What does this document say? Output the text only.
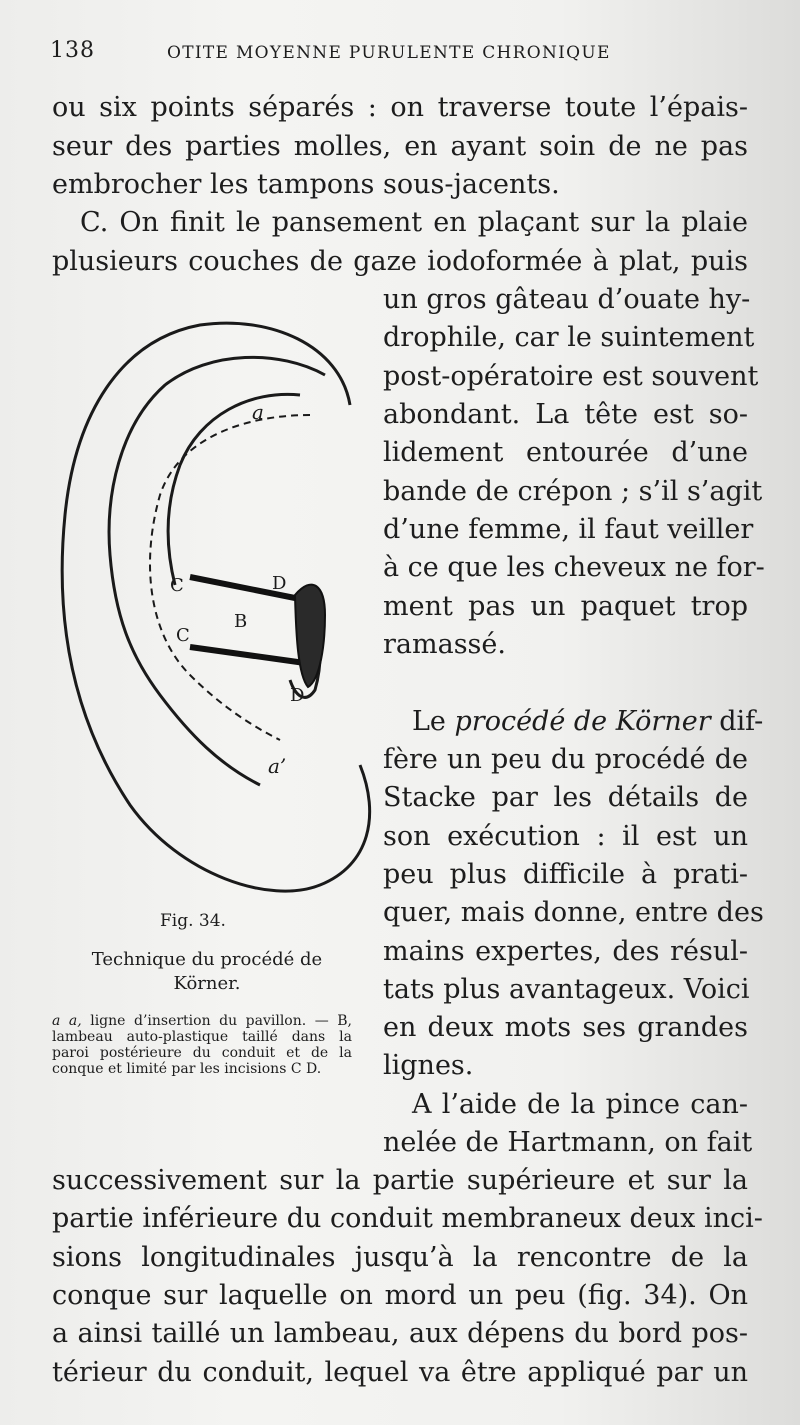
138	OTITE MOYENNE PURULENTE CHRONIQUE
ou six points séparés : on traverse toute l’épais-
seur des parties molles, en ayant soin de ne pas
embrocher les tampons sous-jacents.
C. On finit le pansement en plaçant sur la plaie
plusieurs couches de gaze iodoformée à plat, puis
un gros gâteau d’ouate hy-
drophile, car le suintement
post-opératoire est souvent
abondant. La tête est so-
lidement entourée d’une
bande de crépon ; s’il s’agit
d’une femme, il faut veiller
à ce que les cheveux ne for-
ment pas un paquet trop
ramassé.
Le procédé de Körner dif-
fère un peu du procédé de
Stacke par les détails de
son exécution : il est un
peu plus difficile à prati-
quer, mais donne, entre des
mains expertes, des résul-
tats plus avantageux. Voici
en deux mots ses grandes
lignes.
A l’aide de la pince can-
nelée de Hartmann, on fait
successivement sur la partie supérieure et sur la
partie inférieure du conduit membraneux deux inci-
sions longitudinales jusqu’à la rencontre de la
conque sur laquelle on mord un peu (fig. 34). On
a ainsi taillé un lambeau, aux dépens du bord pos-
térieur du conduit, lequel va être appliqué par un
a
a’
C
C
B
D
D
Fig. 34.
Technique du procédé de
Körner.
a a, ligne d’insertion du pavillon. — B, lambeau auto-plastique taillé dans la paroi postérieure du conduit et de la conque et limité par les incisions C D.
